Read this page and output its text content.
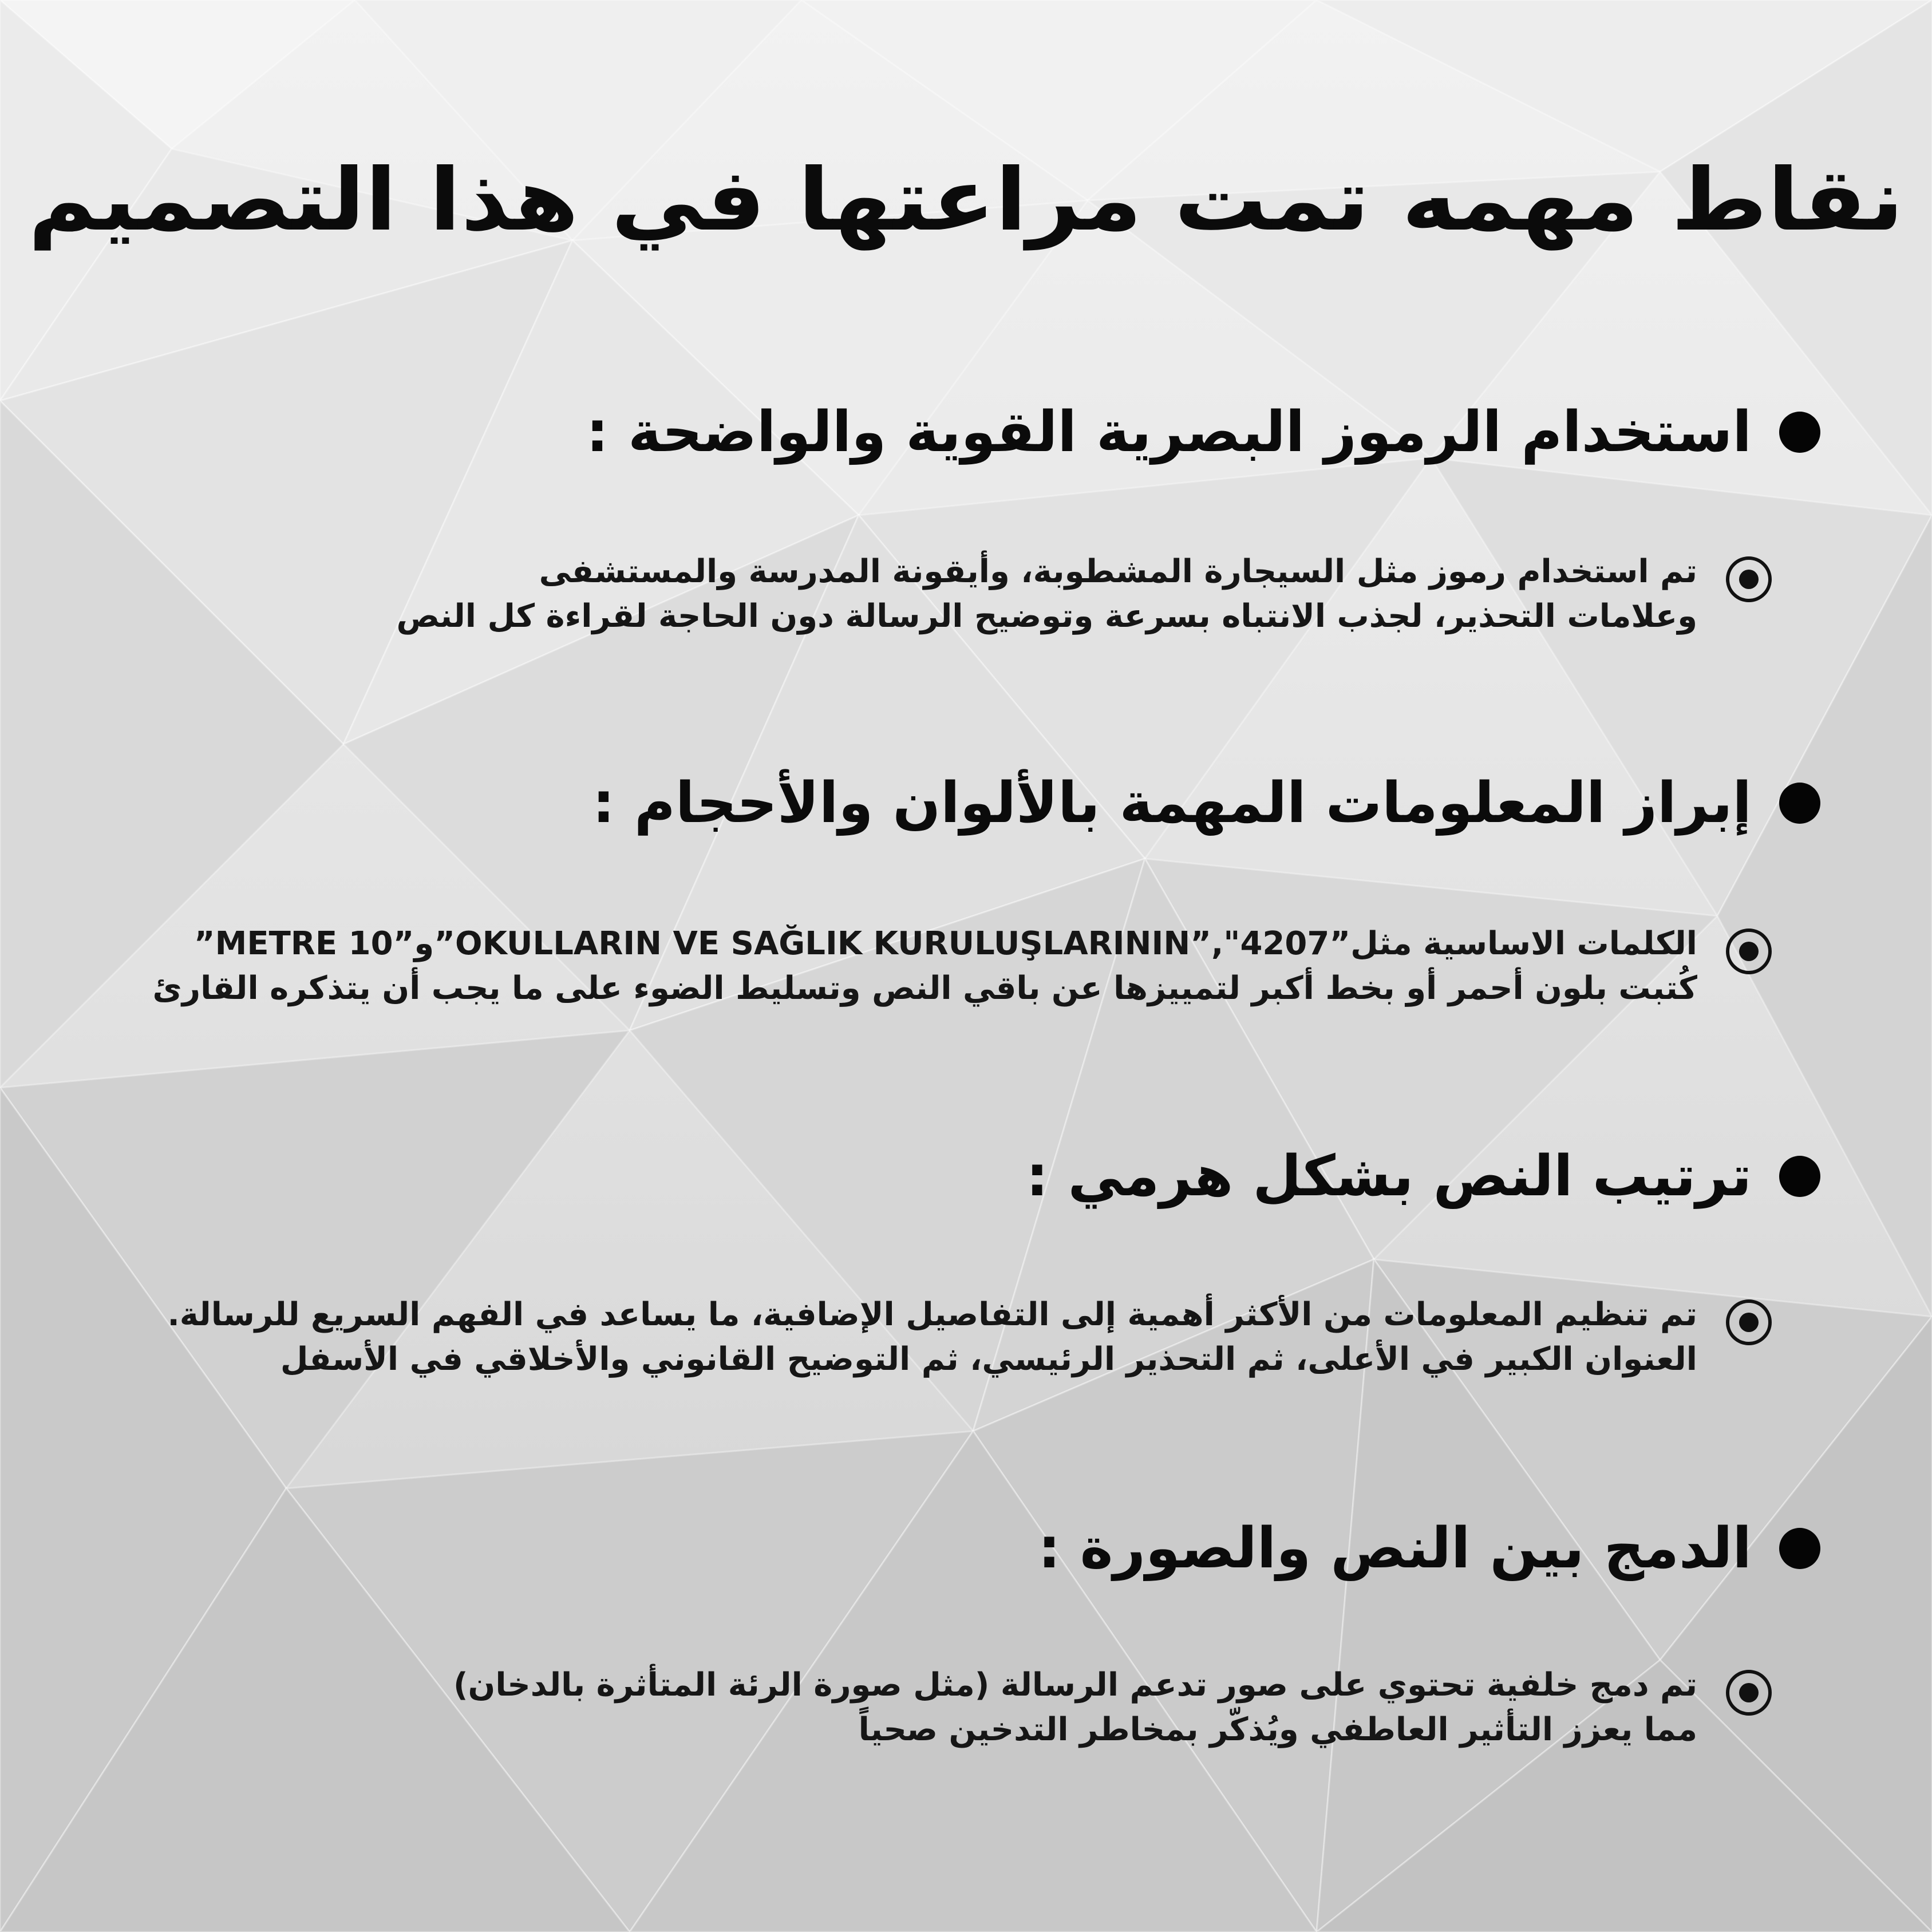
نقاط مهمه تمت مراعتها في هذا التصميم
استخدام الرموز البصرية القوية والواضحة :
تم استخدام رموز مثل السيجارة المشطوبة، وأيقونة المدرسة والمستشفى
وعلامات التحذير، لجذب الانتباه بسرعة وتوضيح الرسالة دون الحاجة لقراءة كل النص
إبراز المعلومات المهمة بالألوان والأحجام :
الكلمات الاساسية مثل”4207",”OKULLARIN VE SAĞLIK KURULUŞLARININ”و”METRE 10”
كُتبت بلون أحمر أو بخط أكبر لتمييزها عن باقي النص وتسليط الضوء على ما يجب أن يتذكره القارئ
ترتيب النص بشكل هرمي :
تم تنظيم المعلومات من الأكثر أهمية إلى التفاصيل الإضافية، ما يساعد في الفهم السريع للرسالة.
العنوان الكبير في الأعلى، ثم التحذير الرئيسي، ثم التوضيح القانوني والأخلاقي في الأسفل
الدمج بين النص والصورة :
تم دمج خلفية تحتوي على صور تدعم الرسالة (مثل صورة الرئة المتأثرة بالدخان)
مما يعزز التأثير العاطفي ويُذكّر بمخاطر التدخين صحياً
